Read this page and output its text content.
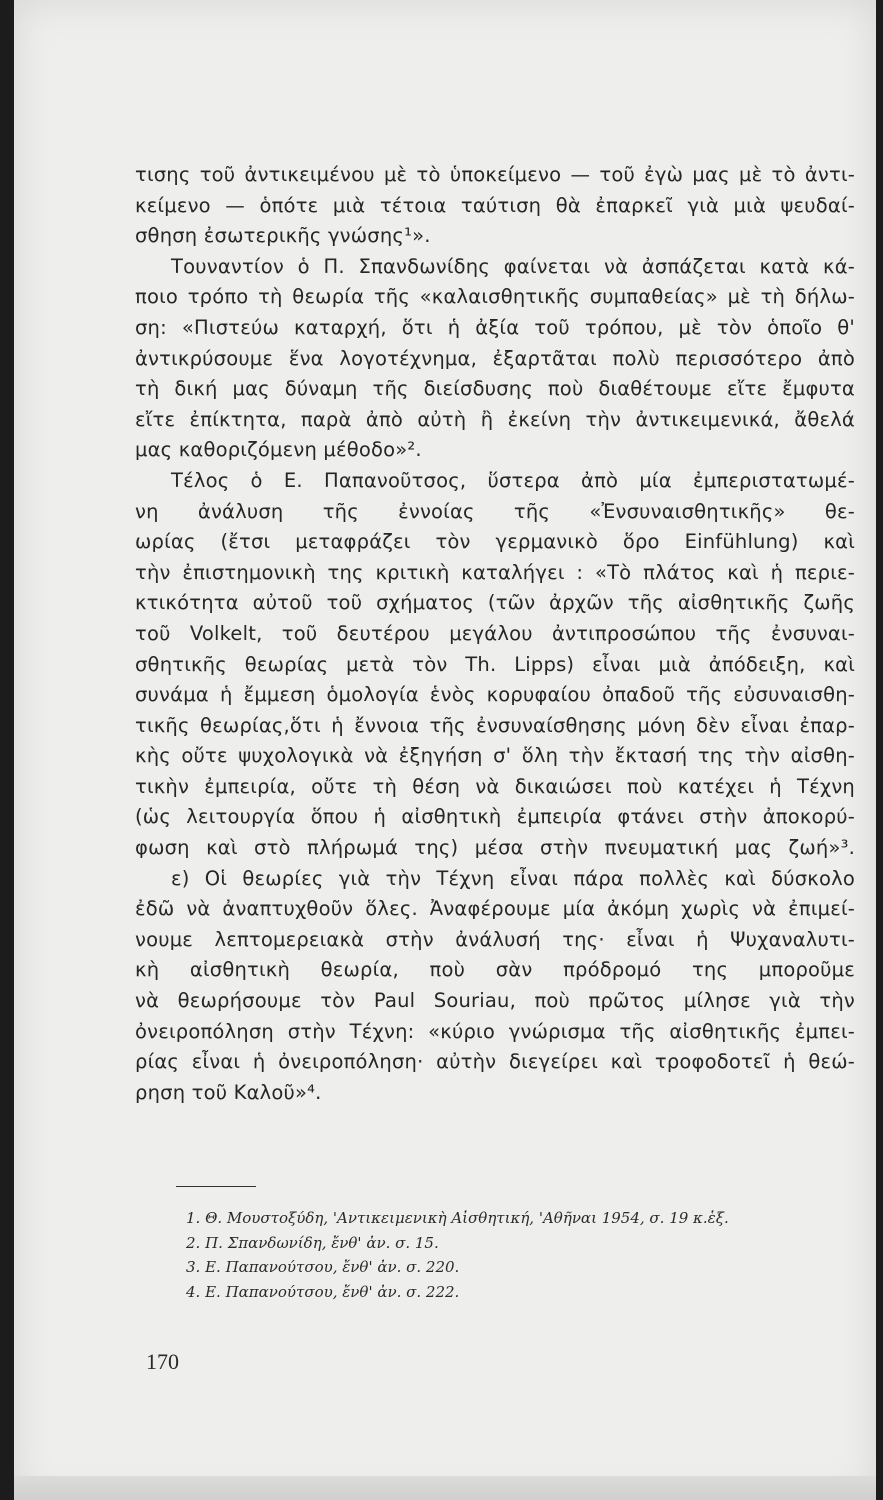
τισης τοῦ ἀντικειμένου μὲ τὸ ὑποκείμενο — τοῦ ἐγὼ μας μὲ τὸ ἀντι-
κείμενο — ὁπότε μιὰ τέτοια ταύτιση θὰ ἐπαρκεῖ γιὰ μιὰ ψευδαί-
σθηση ἐσωτερικῆς γνώσης¹».
Τουναντίον ὁ Π. Σπανδωνίδης φαίνεται νὰ ἀσπάζεται κατὰ κά-
ποιο τρόπο τὴ θεωρία τῆς «καλαισθητικῆς συμπαθείας» μὲ τὴ δήλω-
ση: «Πιστεύω καταρχή, ὅτι ἡ ἀξία τοῦ τρόπου, μὲ τὸν ὁποῖο θ'
ἀντικρύσουμε ἕνα λογοτέχνημα, ἐξαρτᾶται πολὺ περισσότερο ἀπὸ
τὴ δική μας δύναμη τῆς διείσδυσης ποὺ διαθέτουμε εἴτε ἔμφυτα
εἴτε ἐπίκτητα, παρὰ ἀπὸ αὐτὴ ἢ ἐκείνη τὴν ἀντικειμενικά, ἄθελά
μας καθοριζόμενη μέθοδο»².
Τέλος ὁ Ε. Παπανοῦτσος, ὕστερα ἀπὸ μία ἐμπεριστατωμέ-
νη ἀνάλυση τῆς ἐννοίας τῆς «Ἐνσυναισθητικῆς» θε-
ωρίας (ἔτσι μεταφράζει τὸν γερμανικὸ ὅρο Einfühlung) καὶ
τὴν ἐπιστημονικὴ της κριτικὴ καταλήγει : «Τὸ πλάτος καὶ ἡ περιε-
κτικότητα αὐτοῦ τοῦ σχήματος (τῶν ἀρχῶν τῆς αἰσθητικῆς ζωῆς
τοῦ Volkelt, τοῦ δευτέρου μεγάλου ἀντιπροσώπου τῆς ἐνσυναι-
σθητικῆς θεωρίας μετὰ τὸν Th. Lipps) εἶναι μιὰ ἀπόδειξη, καὶ
συνάμα ἡ ἔμμεση ὁμολογία ἑνὸς κορυφαίου ὀπαδοῦ τῆς εὐσυναισθη-
τικῆς θεωρίας,ὅτι ἡ ἔννοια τῆς ἐνσυναίσθησης μόνη δὲν εἶναι ἐπαρ-
κὴς οὔτε ψυχολογικὰ νὰ ἐξηγήση σ' ὅλη τὴν ἔκτασή της τὴν αἰσθη-
τικὴν ἐμπειρία, οὔτε τὴ θέση νὰ δικαιώσει ποὺ κατέχει ἡ Τέχνη
(ὡς λειτουργία ὅπου ἡ αἰσθητικὴ ἐμπειρία φτάνει στὴν ἀποκορύ-
φωση καὶ στὸ πλήρωμά της) μέσα στὴν πνευματική μας ζωή»³.
ε) Οἱ θεωρίες γιὰ τὴν Τέχνη εἶναι πάρα πολλὲς καὶ δύσκολο
ἐδῶ νὰ ἀναπτυχθοῦν ὅλες. Ἀναφέρουμε μία ἀκόμη χωρὶς νὰ ἐπιμεί-
νουμε λεπτομερειακὰ στὴν ἀνάλυσή της· εἶναι ἡ Ψυχαναλυτι-
κὴ αἰσθητικὴ θεωρία, ποὺ σὰν πρόδρομό της μποροῦμε
νὰ θεωρήσουμε τὸν Paul Souriau, ποὺ πρῶτος μίλησε γιὰ τὴν
ὀνειροπόληση στὴν Τέχνη: «κύριο γνώρισμα τῆς αἰσθητικῆς ἐμπει-
ρίας εἶναι ἡ ὀνειροπόληση· αὐτὴν διεγείρει καὶ τροφοδοτεῖ ἡ θεώ-
ρηση τοῦ Καλοῦ»⁴.
1. Θ. Μουστοξύδη, 'Αντικειμενικὴ Αἰσθητική, 'Αθῆναι 1954, σ. 19 κ.ἑξ.
2. Π. Σπανδωνίδη, ἔνθ' ἀν. σ. 15.
3. Ε. Παπανούτσου, ἔνθ' ἀν. σ. 220.
4. Ε. Παπανούτσου, ἔνθ' ἀν. σ. 222.
170
